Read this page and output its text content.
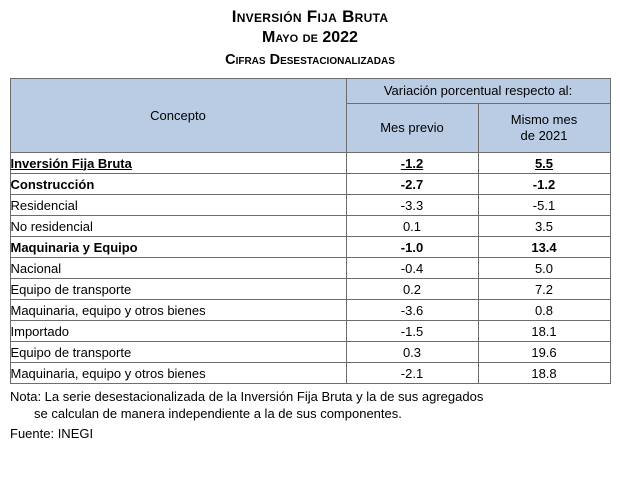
Inversión Fija Bruta
Mayo de 2022
Cifras Desestacionalizadas
Concepto	Variación porcentual respecto al:	
	Mes previo	Mismo mes
de 2021
Inversión Fija Bruta	-1.2	5.5
Construcción	-2.7	-1.2
Residencial	-3.3	-5.1
No residencial	0.1	3.5
Maquinaria y Equipo	-1.0	13.4
Nacional	-0.4	5.0
Equipo de transporte	0.2	7.2
Maquinaria, equipo y otros bienes	-3.6	0.8
Importado	-1.5	18.1
Equipo de transporte	0.3	19.6
Maquinaria, equipo y otros bienes	-2.1	18.8
Nota: La serie desestacionalizada de la Inversión Fija Bruta y la de sus agregados
se calculan de manera independiente a la de sus componentes.
Fuente: INEGI
